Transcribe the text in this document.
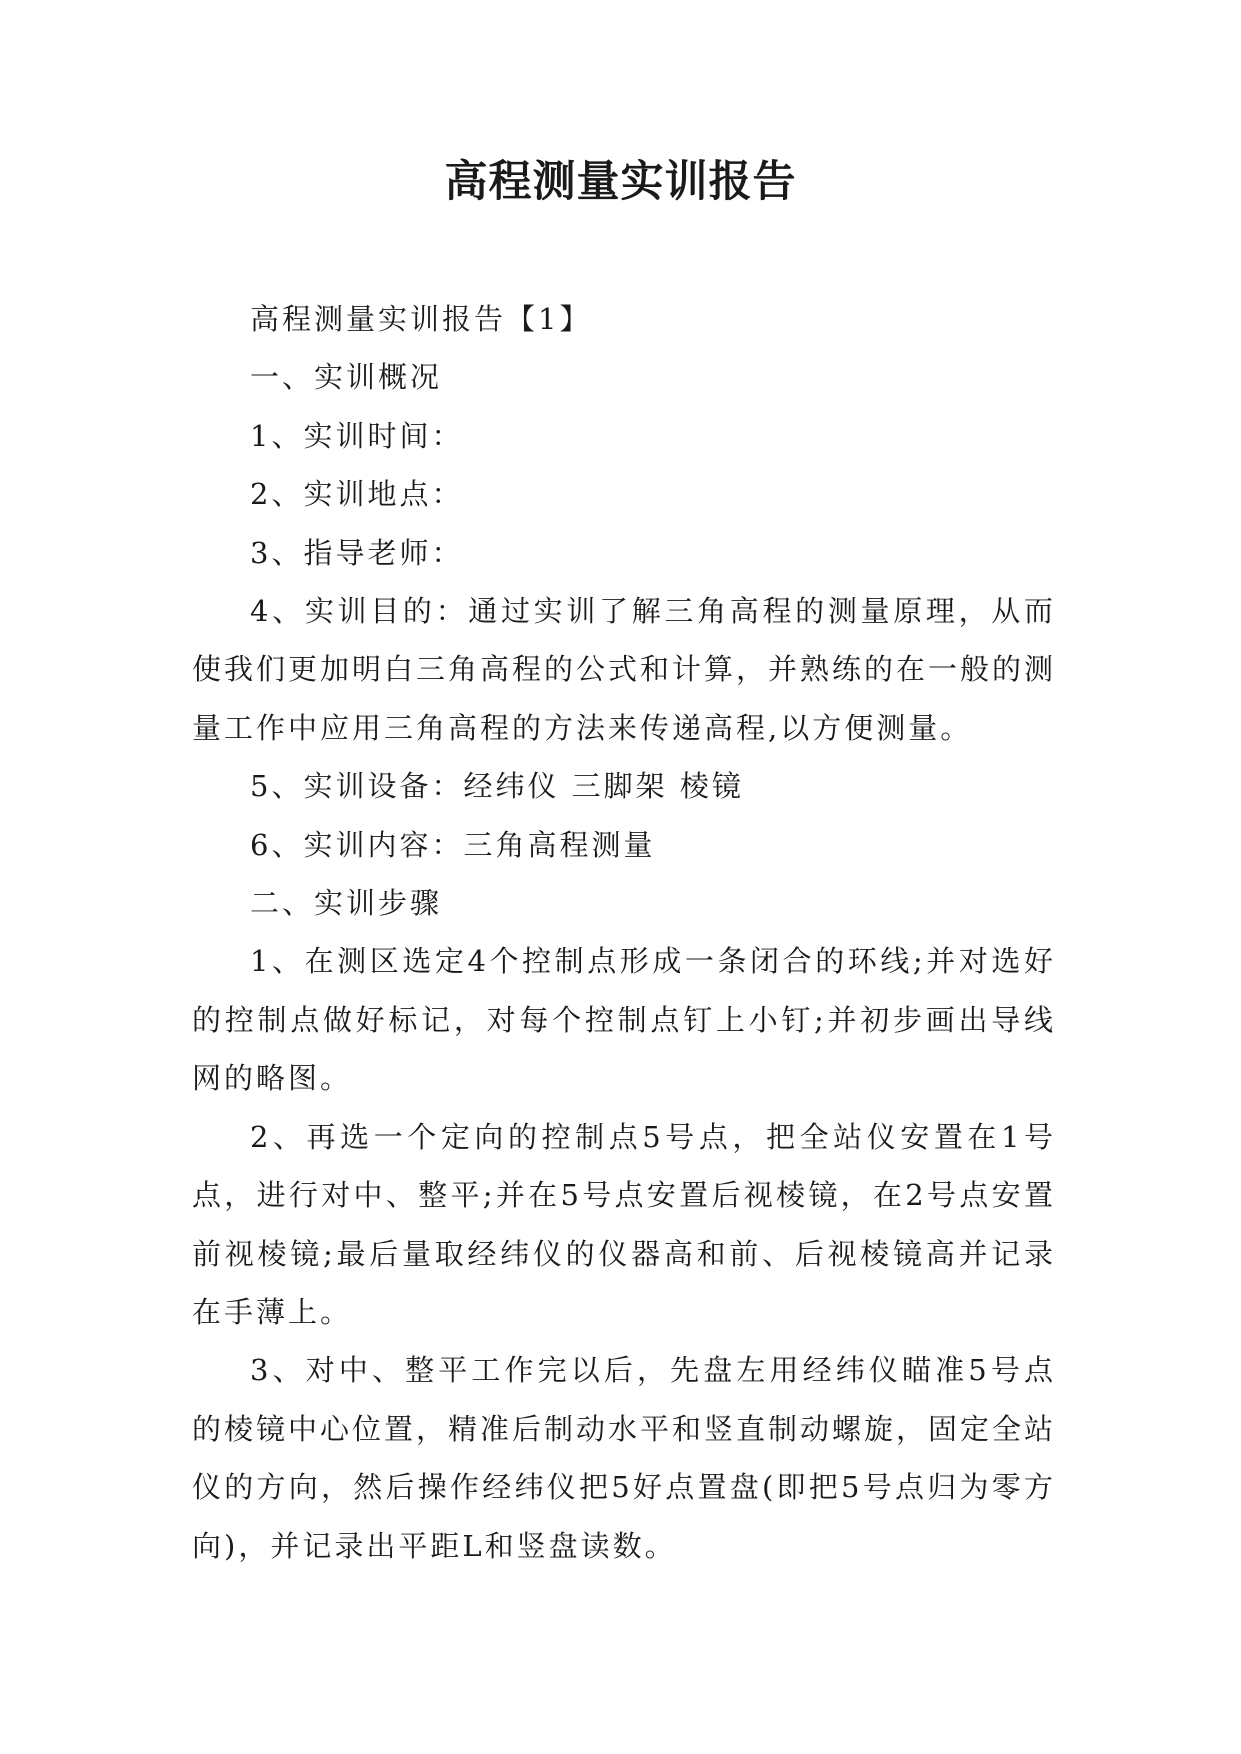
高程测量实训报告

高程测量实训报告【1】

一、实训概况

1、实训时间：

2、实训地点：

3、指导老师：

4、实训目的：通过实训了解三角高程的测量原理，从而使我们更加明白三角高程的公式和计算，并熟练的在一般的测量工作中应用三角高程的方法来传递高程,以方便测量。

5、实训设备：经纬仪 三脚架 棱镜

6、实训内容：三角高程测量

二、实训步骤

1、在测区选定4个控制点形成一条闭合的环线;并对选好的控制点做好标记，对每个控制点钉上小钉;并初步画出导线网的略图。

2、再选一个定向的控制点5号点，把全站仪安置在1号点，进行对中、整平;并在5号点安置后视棱镜，在2号点安置前视棱镜;最后量取经纬仪的仪器高和前、后视棱镜高并记录在手薄上。

3、对中、整平工作完以后，先盘左用经纬仪瞄准5号点的棱镜中心位置，精准后制动水平和竖直制动螺旋，固定全站仪的方向，然后操作经纬仪把5好点置盘(即把5号点归为零方向)，并记录出平距L和竖盘读数。
